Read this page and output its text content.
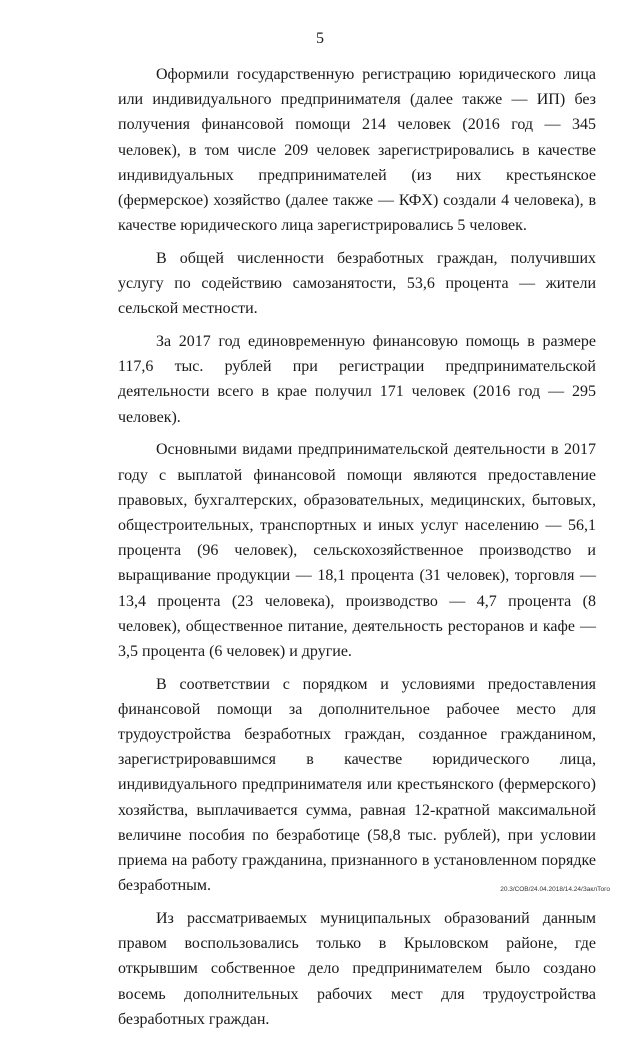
5

Оформили государственную регистрацию юридического лица или индивидуального предпринимателя (далее также — ИП) без получения финансовой помощи 214 человек (2016 год — 345 человек), в том числе 209 человек зарегистрировались в качестве индивидуальных предпринимателей (из них крестьянское (фермерское) хозяйство (далее также — КФХ) создали 4 человека), в качестве юридического лица зарегистрировались 5 человек.

В общей численности безработных граждан, получивших услугу по содействию самозанятости, 53,6 процента — жители сельской местности.

За 2017 год единовременную финансовую помощь в размере 117,6 тыс. рублей при регистрации предпринимательской деятельности всего в крае получил 171 человек (2016 год — 295 человек).

Основными видами предпринимательской деятельности в 2017 году с выплатой финансовой помощи являются предоставление правовых, бухгалтерских, образовательных, медицинских, бытовых, общестроительных, транспортных и иных услуг населению — 56,1 процента (96 человек), сельскохозяйственное производство и выращивание продукции — 18,1 процента (31 человек), торговля — 13,4 процента (23 человека), производство — 4,7 процента (8 человек), общественное питание, деятельность ресторанов и кафе — 3,5 процента (6 человек) и другие.

В соответствии с порядком и условиями предоставления финансовой помощи за дополнительное рабочее место для трудоустройства безработных граждан, созданное гражданином, зарегистрировавшимся в качестве юридического лица, индивидуального предпринимателя или крестьянского (фермерского) хозяйства, выплачивается сумма, равная 12-кратной максимальной величине пособия по безработице (58,8 тыс. рублей), при условии приема на работу гражданина, признанного в установленном порядке безработным.

Из рассматриваемых муниципальных образований данным правом воспользовались только в Крыловском районе, где открывшим собственное дело предпринимателем было создано восемь дополнительных рабочих мест для трудоустройства безработных граждан.

20.3/СОВ/24.04.2018/14.24/ЗаклТого
